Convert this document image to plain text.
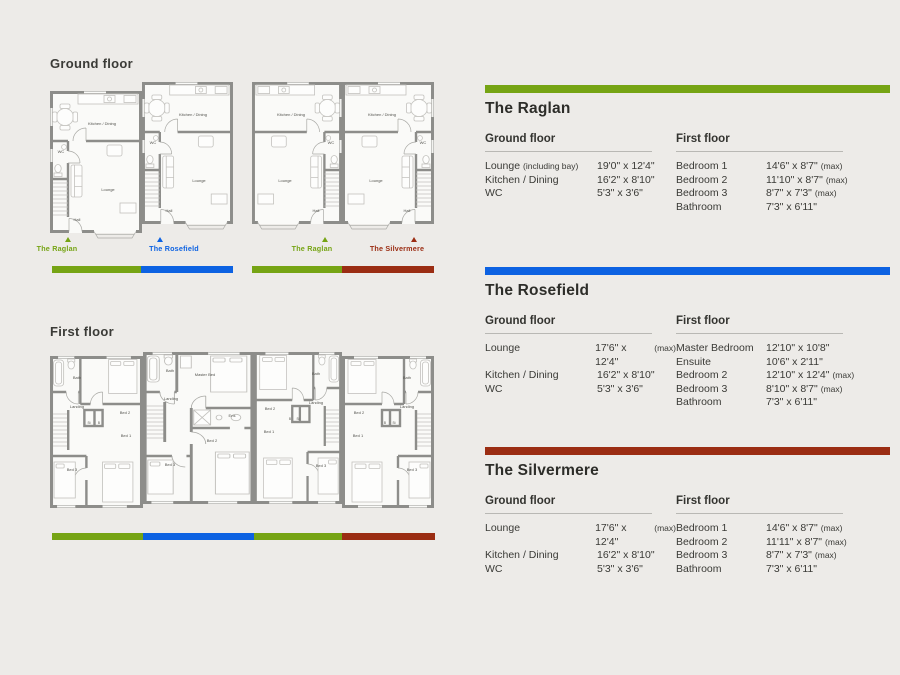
Ground floor
First floor
Kitchen / Dining
WC
Lounge
Hall
Kitchen / Dining
WC
Lounge
Hall
Kitchen / Dining
WC
Lounge
Hall
Kitchen / Dining
WC
Lounge
Hall
The Raglan	The Rosefield	The Raglan	The Silvermere
Bath
Bed 2
Landing
St B
Bed 1
Bed 3
Bath
Master Bed
Landing
Ens
Bed 2
Bed 3
Bath
Bed 2
Landing
St
B
Bed 1
Bed 3
Bath
Bed 2
Landing
St
B
Bed 1
Bed 3
The Raglan
Ground floor
Lounge (including bay) 19'0" x 12'4"
Kitchen / Dining	16'2" x 8'10"
WC	5'3" x 3'6"
First floor
Bedroom 1	14'6" x 8'7" (max)
Bedroom 2	11'10" x 8'7" (max)
Bedroom 3	8'7" x 7'3" (max)
Bathroom	7'3" x 6'11"
The Rosefield
Ground floor
Lounge	17'6" x 12'4"
(max)
Kitchen / Dining	16'2" x 8'10"
WC	5'3" x 3'6"
First floor
Master Bedroom 12'10" x 10'8"
Ensuite	10'6" x 2'11"
Bedroom 2	12'10" x 12'4" (max)
Bedroom 3	8'10" x 8'7" (max)
Bathroom	7'3" x 6'11"
The Silvermere
Ground floor
Lounge	17'6" x 12'4"
(max)
Kitchen / Dining	16'2" x 8'10"
WC	5'3" x 3'6"
First floor
Bedroom 1	14'6" x 8'7" (max)
Bedroom 2	11'11" x 8'7" (max)
Bedroom 3	8'7" x 7'3" (max)
Bathroom	7'3" x 6'11"
